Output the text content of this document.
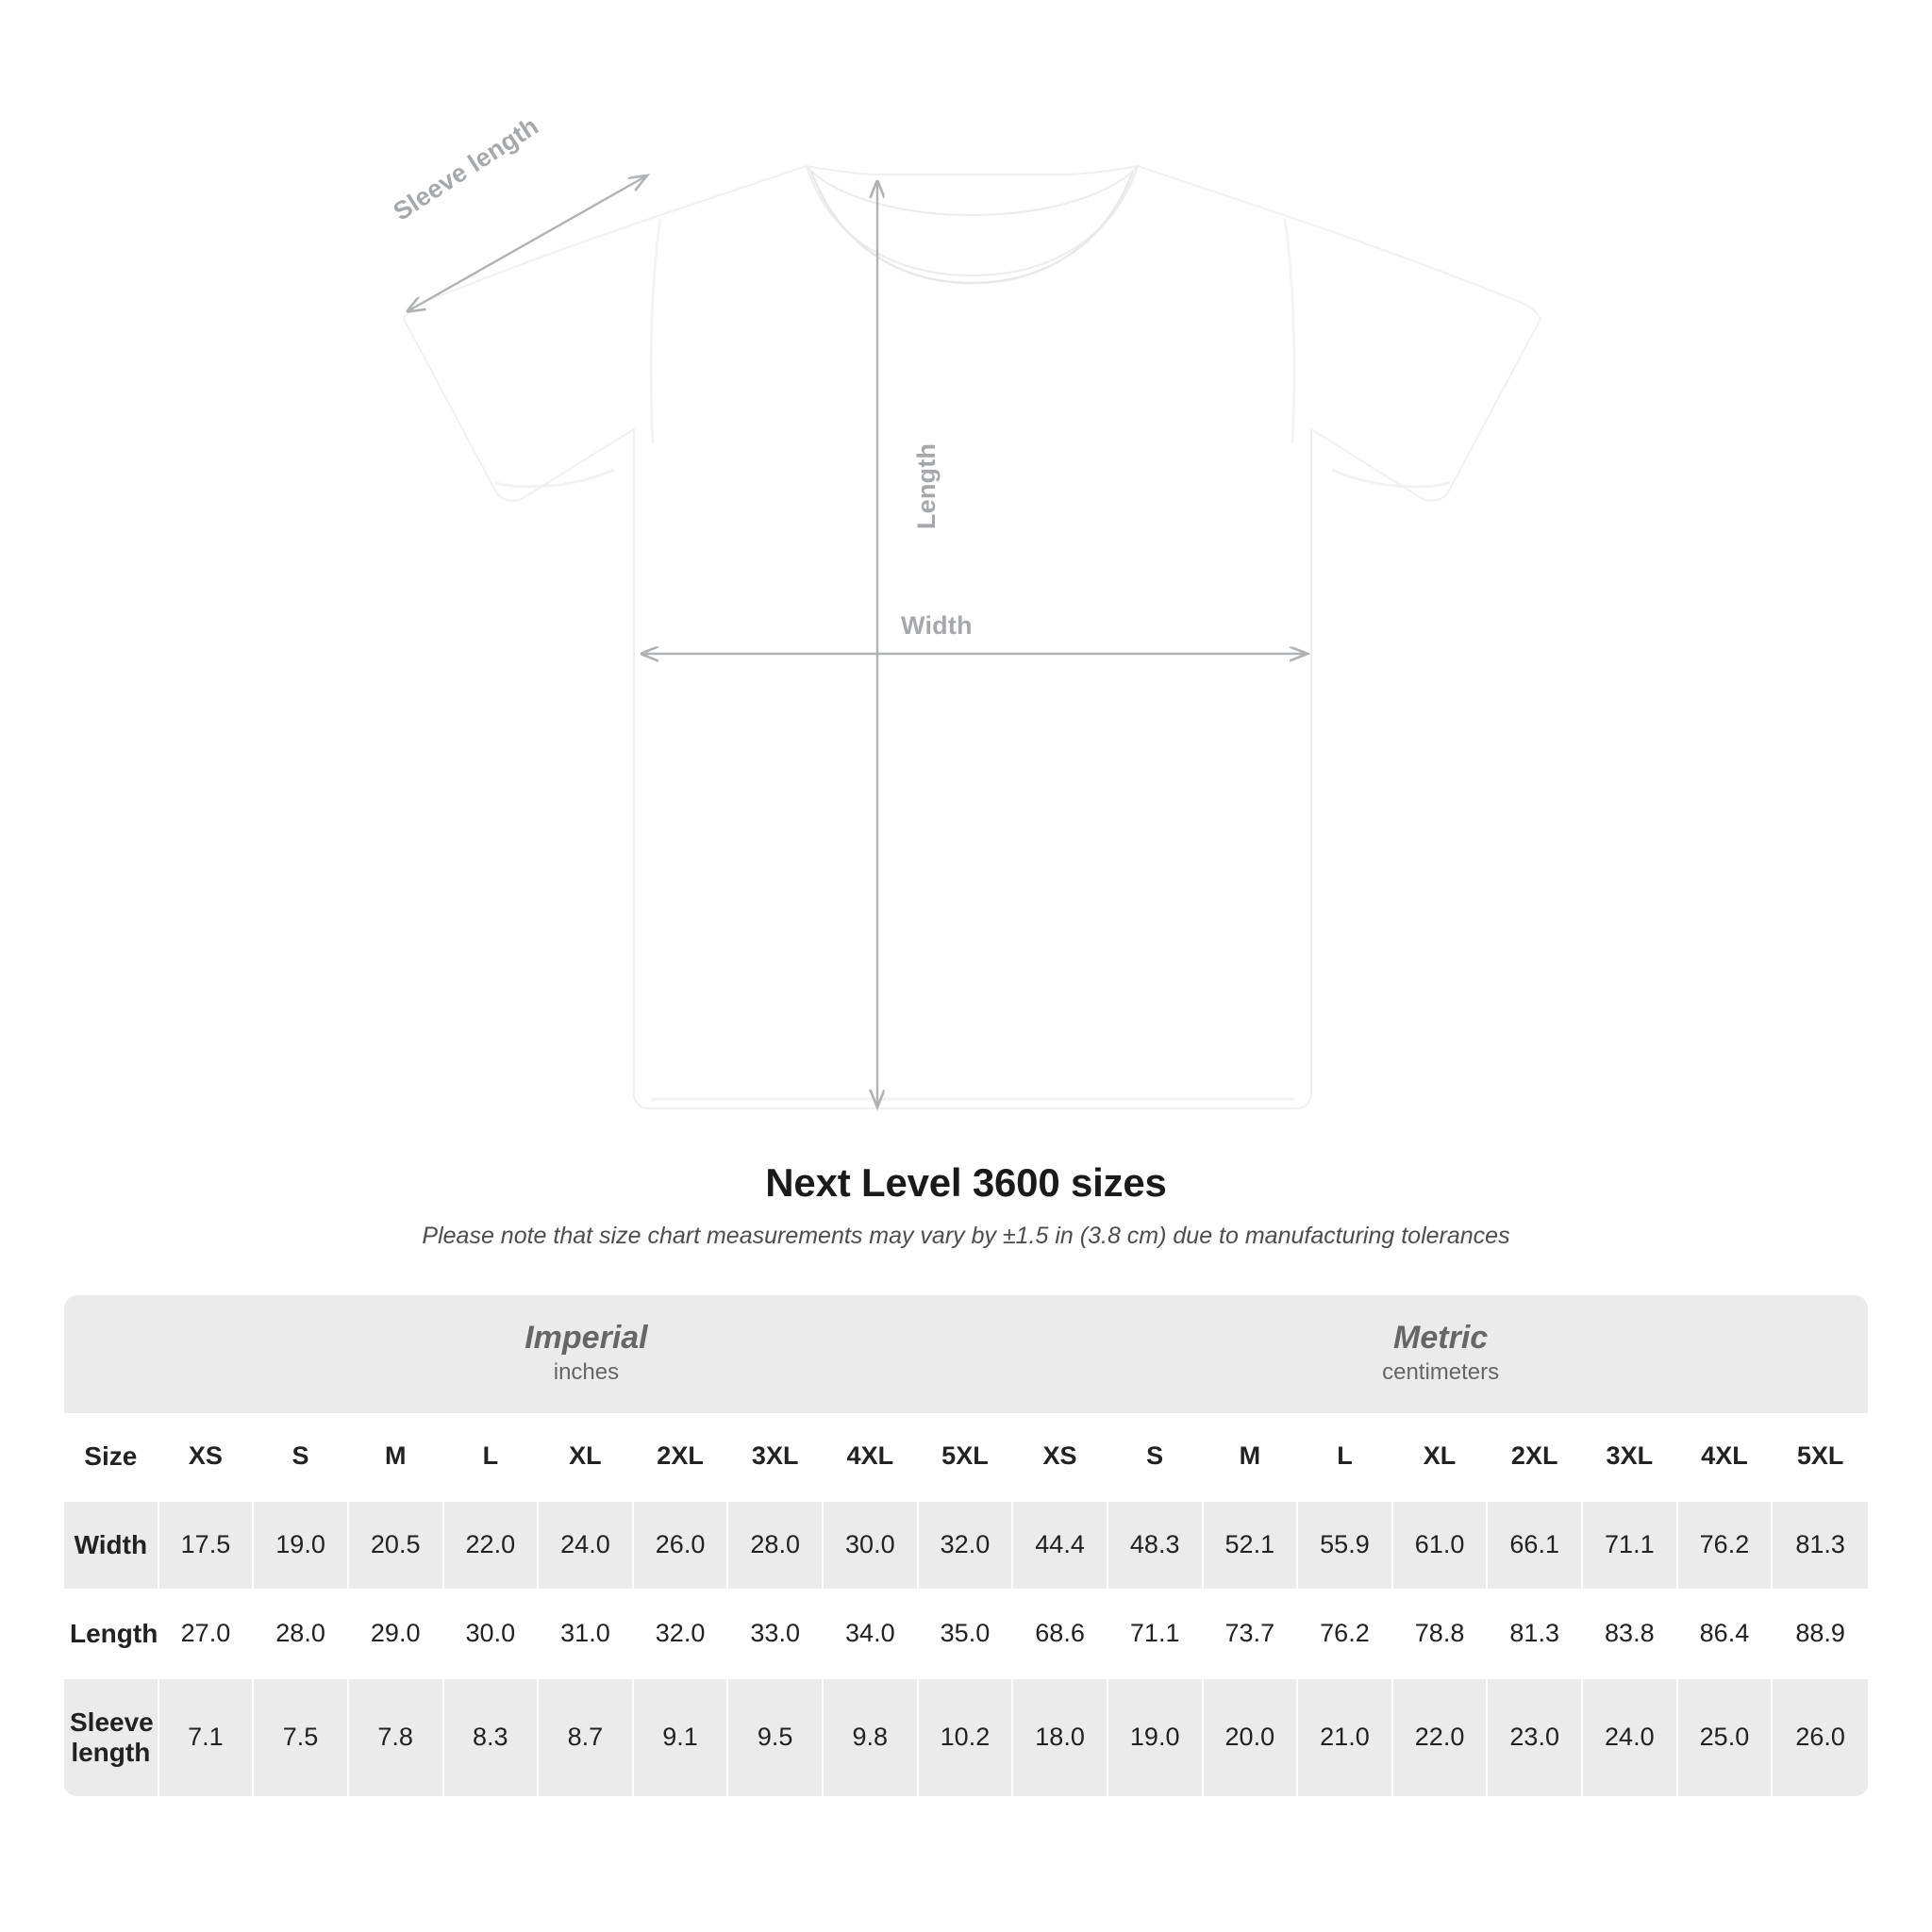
Sleeve length
Length
Width
Next Level 3600 sizes

Please note that size chart measurements may vary by ±1.5 in (3.8 cm) due to manufacturing tolerances

	Imperial
inches									Metric
centimeters								

Size	XS	S	M	L	XL	2XL	3XL	4XL	5XL	XS	S	M	L	XL	2XL	3XL	4XL	5XL
Width	17.5	19.0	20.5	22.0	24.0	26.0	28.0	30.0	32.0	44.4	48.3	52.1	55.9	61.0	66.1	71.1	76.2	81.3
Length	27.0	28.0	29.0	30.0	31.0	32.0	33.0	34.0	35.0	68.6	71.1	73.7	76.2	78.8	81.3	83.8	86.4	88.9
Sleeve length	7.1	7.5	7.8	8.3	8.7	9.1	9.5	9.8	10.2	18.0	19.0	20.0	21.0	22.0	23.0	24.0	25.0	26.0
